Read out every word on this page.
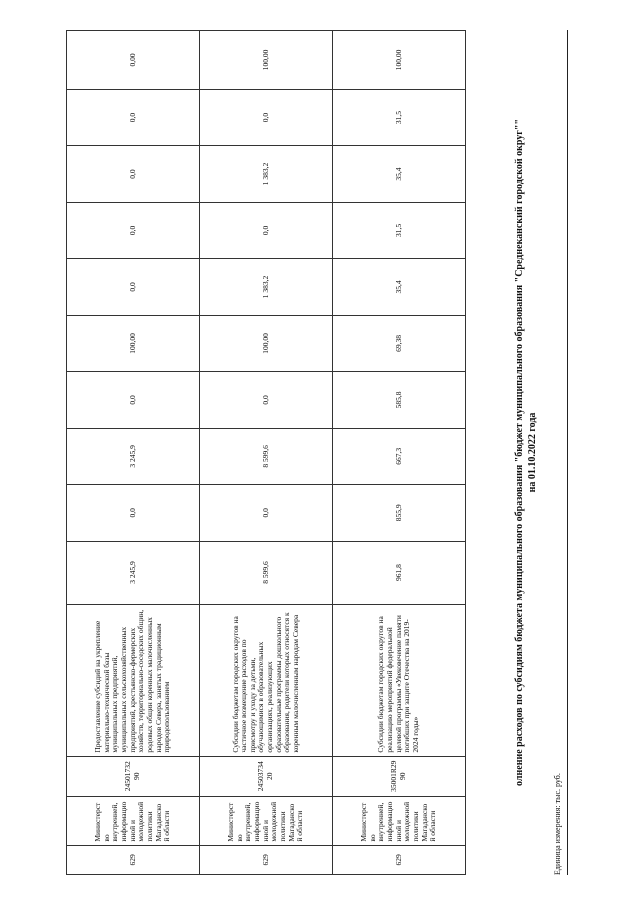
629	Министерство внутренней, информационной и молодежной политики Магаданской области	2450173290	Предоставление субсидий на укрепление материально-технической базы муниципальных предприятий, муниципальных сельскохозяйственных предприятий, крестьянско-фермерских хозяйств, территориально-соседских общин, родовых общин коренных малочисленных народов Севера, занятых традиционным природопользованием	3 245,9	0,0	3 245,9	0,0	100,00	0,0	0,0	0,0	0,0	0,00
629	Министерство внутренней, информационной и молодежной политики Магаданской области	2450373420	Субсидии бюджетам городских округов на частичное возмещение расходов по присмотру и уходу за детьми, обучающимися в образовательных организациях, реализующих образовательные программы дошкольного образования, родители которых относятся к коренным малочисленным народам Севера	8 599,6	0,0	8 599,6	0,0	100,00	1 383,2	0,0	1 383,2	0,0	100,00
629	Министерство внутренней, информационной и молодежной политики Магаданской области	35001R2990	Субсидии бюджетам городских округов на реализацию мероприятий федеральной целевой программы «Увековечение памяти погибших при защите Отечества на 2019-2024 годы»	961,8	855,9	667,3	585,8	69,38	35,4	31,5	35,4	31,5	100,00
олнение расходов по субсидиям бюджета муниципального образования "бюджет муниципального образования "Среднеканский городской округ"" на 01.10.2022 года
Единица измерения: тыс. руб.
